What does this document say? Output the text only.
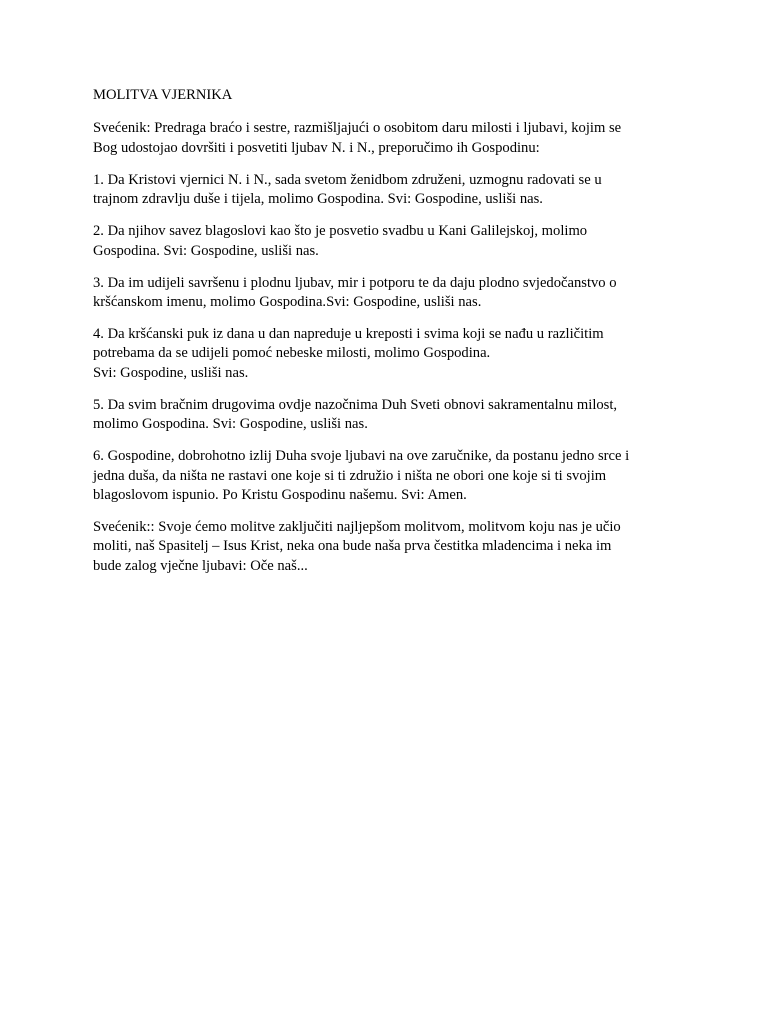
MOLITVA VJERNIKA

Svećenik: Predraga braćo i sestre, razmišljajući o osobitom daru milosti i ljubavi, kojim se
Bog udostojao dovršiti i posvetiti ljubav N. i N., preporučimo ih Gospodinu:

1. Da Kristovi vjernici N. i N., sada svetom ženidbom združeni, uzmognu radovati se u
trajnom zdravlju duše i tijela, molimo Gospodina. Svi: Gospodine, usliši nas.

2. Da njihov savez blagoslovi kao što je posvetio svadbu u Kani Galilejskoj, molimo
Gospodina. Svi: Gospodine, usliši nas.

3. Da im udijeli savršenu i plodnu ljubav, mir i potporu te da daju plodno svjedočanstvo o
kršćanskom imenu, molimo Gospodina.Svi: Gospodine, usliši nas.

4. Da kršćanski puk iz dana u dan napreduje u kreposti i svima koji se nađu u različitim
potrebama da se udijeli pomoć nebeske milosti, molimo Gospodina.
Svi: Gospodine, usliši nas.

5. Da svim bračnim drugovima ovdje nazočnima Duh Sveti obnovi sakramentalnu milost,
molimo Gospodina. Svi: Gospodine, usliši nas.

6. Gospodine, dobrohotno izlij Duha svoje ljubavi na ove zaručnike, da postanu jedno srce i
jedna duša, da ništa ne rastavi one koje si ti združio i ništa ne obori one koje si ti svojim
blagoslovom ispunio. Po Kristu Gospodinu našemu. Svi: Amen.

Svećenik:: Svoje ćemo molitve zaključiti najljepšom molitvom, molitvom koju nas je učio
moliti, naš Spasitelj – Isus Krist, neka ona bude naša prva čestitka mladencima i neka im
bude zalog vječne ljubavi: Oče naš...
